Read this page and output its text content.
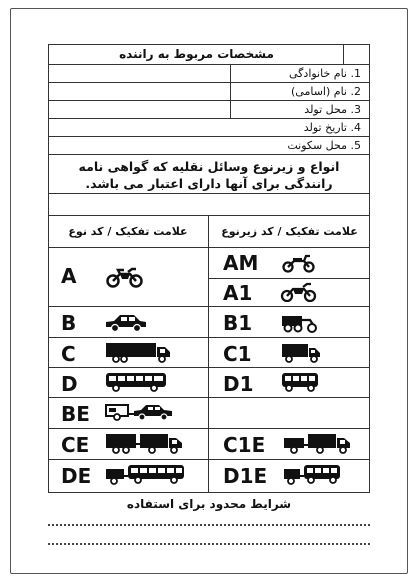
مشخصات مربوط به راننده
1. نام خانوادگی
2. نام (اسامی)
3. محل تولد
4. تاریخ تولد
5. محل سکونت
انواع و زیرنوع وسائل نقلیه که گواهی نامه
رانندگی برای آنها دارای اعتبار می باشد.
علامت تفکیک / کد نوع	علامت تفکیک / کد زیرنوع
A
B
C
D
BE
CE
DE
AM
A1
B1
C1
D1
C1E
D1E
شرایط محدود برای استفاده
